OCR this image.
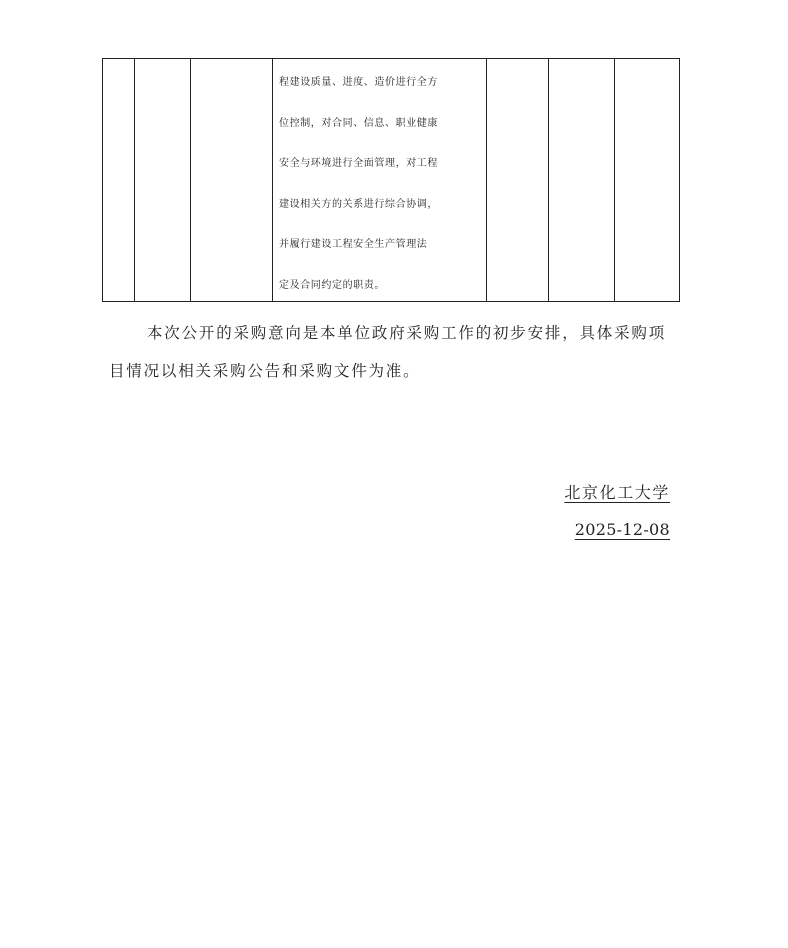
程建设质量、进度、造价进行全方
位控制，对合同、信息、职业健康
安全与环境进行全面管理，对工程
建设相关方的关系进行综合协调，
并履行建设工程安全生产管理法
定及合同约定的职责。

本次公开的采购意向是本单位政府采购工作的初步安排，具体采购项目情况以相关采购公告和采购文件为准。
北京化工大学
2025-12-08
